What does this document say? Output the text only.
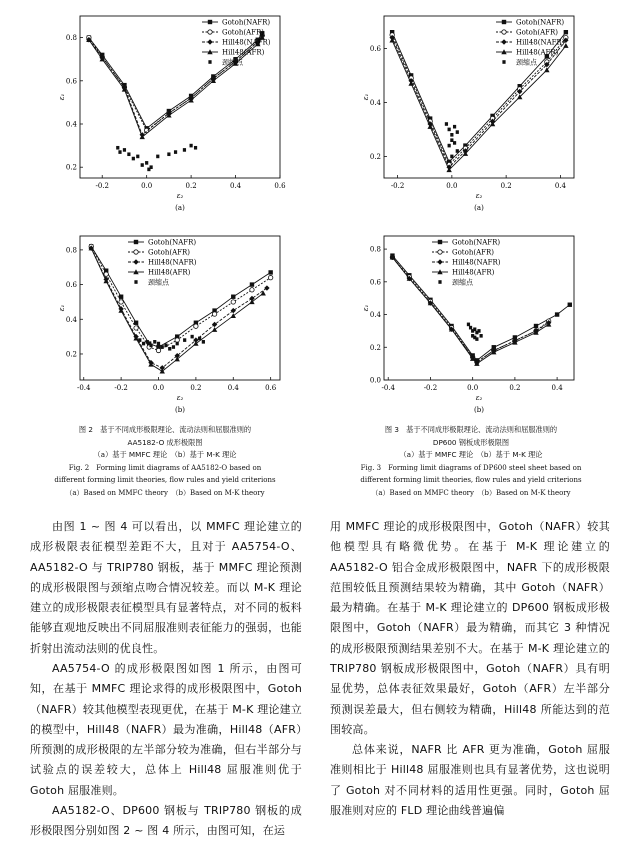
-0.2	0.0	0.2	0.4	0.6
0.2
0.4
0.6
0.8
ε₂
ε₁
(a)
Gotoh(NAFR)
Gotoh(AFR)
Hill48(NAFR)
Hill48(AFR)
颈缩点
-0.2	0.0	0.2	0.4
0.2
0.4
0.6
ε₂
ε₁
(a)
Gotoh(NAFR)
Gotoh(AFR)
Hill48(NAFR)
Hill48(AFR)
颈缩点
-0.4	-0.2	0.0	0.2	0.4	0.6
0.2
0.4
0.6
0.8
ε₂
ε₁
(b)
Gotoh(NAFR)
Gotoh(AFR)
Hill48(NAFR)
Hill48(AFR)
颈缩点
-0.4	-0.2	0.0	0.2	0.4
0.0
0.2
0.4
0.6
0.8
ε₂
ε₁
(b)
Gotoh(NAFR)
Gotoh(AFR)
Hill48(NAFR)
Hill48(AFR)
颈缩点
图 2　基于不同成形极限理论、流动法则和屈服准则的
AA5182-O 成形极限图
（a）基于 MMFC 理论　（b）基于 M-K 理论
Fig. 2　Forming limit diagrams of AA5182-O based on
different forming limit theories, flow rules and yield criterions
（a）Based on MMFC theory　（b）Based on M-K theory
图 3　基于不同成形极限理论、流动法则和屈服准则的
DP600 钢板成形极限图
（a）基于 MMFC 理论　（b）基于 M-K 理论
Fig. 3　Forming limit diagrams of DP600 steel sheet based on
different forming limit theories, flow rules and yield criterions
（a）Based on MMFC theory　（b）Based on M-K theory

由图 1 ~ 图 4 可以看出，以 MMFC 理论建立的成形极限表征模型差距不大，且对于 AA5754-O、AA5182-O 与 TRIP780 钢板，基于 MMFC 理论预测的成形极限图与颈缩点吻合情况较差。而以 M-K 理论建立的成形极限表征模型具有显著特点，对不同的板料能够直观地反映出不同屈服准则表征能力的强弱，也能折射出流动法则的优良性。

AA5754-O 的成形极限图如图 1 所示，由图可知，在基于 MMFC 理论求得的成形极限图中，Gotoh（NAFR）较其他模型表现更优，在基于 M-K 理论建立的模型中，Hill48（NAFR）最为准确，Hill48（AFR）所预测的成形极限的左半部分较为准确，但右半部分与试验点的误差较大，总体上 Hill48 屈服准则优于 Gotoh 屈服准则。

AA5182-O、DP600 钢板与 TRIP780 钢板的成形极限图分别如图 2 ~ 图 4 所示，由图可知，在运

用 MMFC 理论的成形极限图中，Gotoh（NAFR）较其他模型具有略微优势。在基于 M-K 理论建立的 AA5182-O 铝合金成形极限图中，NAFR 下的成形极限范围较低且预测结果较为精确，其中 Gotoh（NAFR）最为精确。在基于 M-K 理论建立的 DP600 钢板成形极限图中，Gotoh（NAFR）最为精确，而其它 3 种情况的成形极限预测结果差别不大。在基于 M-K 理论建立的 TRIP780 钢板成形极限图中，Gotoh（NAFR）具有明显优势，总体表征效果最好，Gotoh（AFR）左半部分预测误差最大，但右侧较为精确，Hill48 所能达到的范围较高。

总体来说，NAFR 比 AFR 更为准确，Gotoh 屈服准则相比于 Hill48 屈服准则也具有显著优势，这也说明了 Gotoh 对不同材料的适用性更强。同时，Gotoh 屈服准则对应的 FLD 理论曲线普遍偏
